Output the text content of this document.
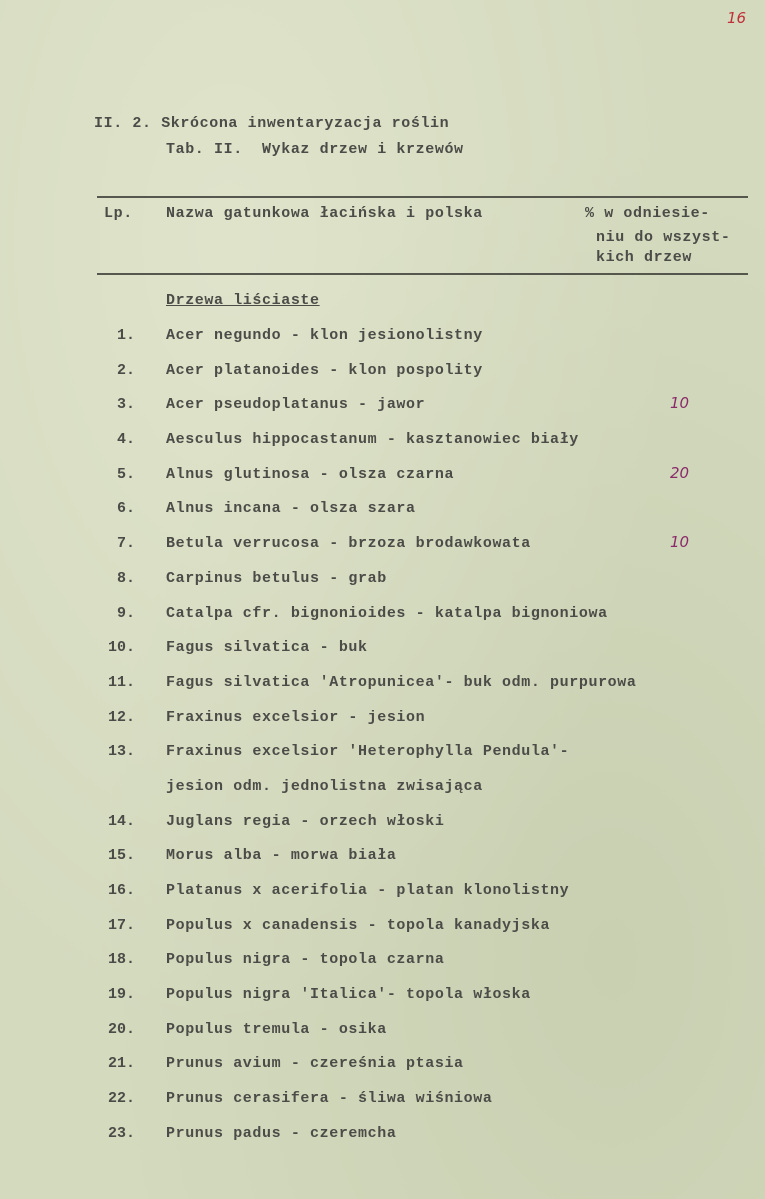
16
II. 2. Skrócona inwentaryzacja roślin
Tab. II.  Wykaz drzew i krzewów
Lp. Nazwa gatunkowa łacińska i polska	% w odniesie-
niu do wszyst-
kich drzew
Drzewa liściaste
1. Acer negundo - klon jesionolistny
2. Acer platanoides - klon pospolity
3. Acer pseudoplatanus - jawor	10
4. Aesculus hippocastanum - kasztanowiec biały
5. Alnus glutinosa - olsza czarna	20
6. Alnus incana - olsza szara
7. Betula verrucosa - brzoza brodawkowata	10
8. Carpinus betulus - grab
9. Catalpa cfr. bignonioides - katalpa bignoniowa
10. Fagus silvatica - buk
11. Fagus silvatica 'Atropunicea'- buk odm. purpurowa
12. Fraxinus excelsior - jesion
13. Fraxinus excelsior 'Heterophylla Pendula'-
jesion odm. jednolistna zwisająca
14. Juglans regia - orzech włoski
15. Morus alba - morwa biała
16. Platanus x acerifolia - platan klonolistny
17. Populus x canadensis - topola kanadyjska
18. Populus nigra - topola czarna
19. Populus nigra 'Italica'- topola włoska
20. Populus tremula - osika
21. Prunus avium - czereśnia ptasia
22. Prunus cerasifera - śliwa wiśniowa
23. Prunus padus - czeremcha
